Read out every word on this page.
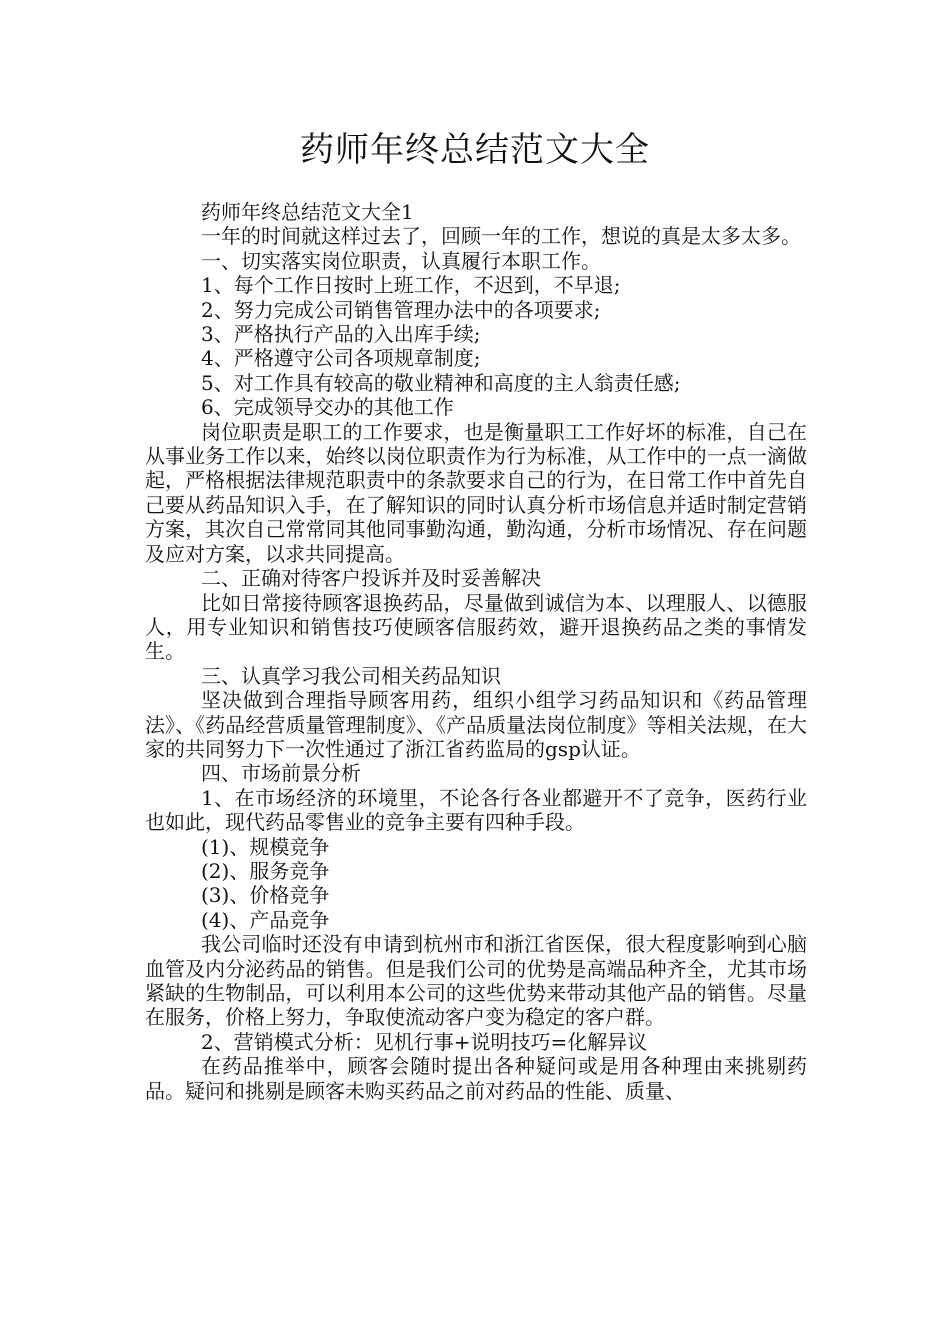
药师年终总结范文大全

药师年终总结范文大全1

一年的时间就这样过去了，回顾一年的工作，想说的真是太多太多。

一、切实落实岗位职责，认真履行本职工作。

1、每个工作日按时上班工作，不迟到，不早退;

2、努力完成公司销售管理办法中的各项要求;

3、严格执行产品的入出库手续;

4、严格遵守公司各项规章制度;

5、对工作具有较高的敬业精神和高度的主人翁责任感;

6、完成领导交办的其他工作

岗位职责是职工的工作要求，也是衡量职工工作好坏的标准，自己在从事业务工作以来，始终以岗位职责作为行为标准，从工作中的一点一滴做起，严格根据法律规范职责中的条款要求自己的行为，在日常工作中首先自己要从药品知识入手，在了解知识的同时认真分析市场信息并适时制定营销方案，其次自己常常同其他同事勤沟通，勤沟通，分析市场情况、存在问题及应对方案，以求共同提高。

二、正确对待客户投诉并及时妥善解决

比如日常接待顾客退换药品，尽量做到诚信为本、以理服人、以德服人，用专业知识和销售技巧使顾客信服药效，避开退换药品之类的事情发生。

三、认真学习我公司相关药品知识

坚决做到合理指导顾客用药，组织小组学习药品知识和《药品管理法》、《药品经营质量管理制度》、《产品质量法岗位制度》等相关法规，在大家的共同努力下一次性通过了浙江省药监局的gsp认证。

四、市场前景分析

1、在市场经济的环境里，不论各行各业都避开不了竞争，医药行业也如此，现代药品零售业的竞争主要有四种手段。

(1)、规模竞争

(2)、服务竞争

(3)、价格竞争

(4)、产品竞争

我公司临时还没有申请到杭州市和浙江省医保，很大程度影响到心脑血管及内分泌药品的销售。但是我们公司的优势是高端品种齐全，尤其市场紧缺的生物制品，可以利用本公司的这些优势来带动其他产品的销售。尽量在服务，价格上努力，争取使流动客户变为稳定的客户群。

2、营销模式分析：见机行事+说明技巧=化解异议

在药品推举中，顾客会随时提出各种疑问或是用各种理由来挑剔药品。疑问和挑剔是顾客未购买药品之前对药品的性能、质量、
